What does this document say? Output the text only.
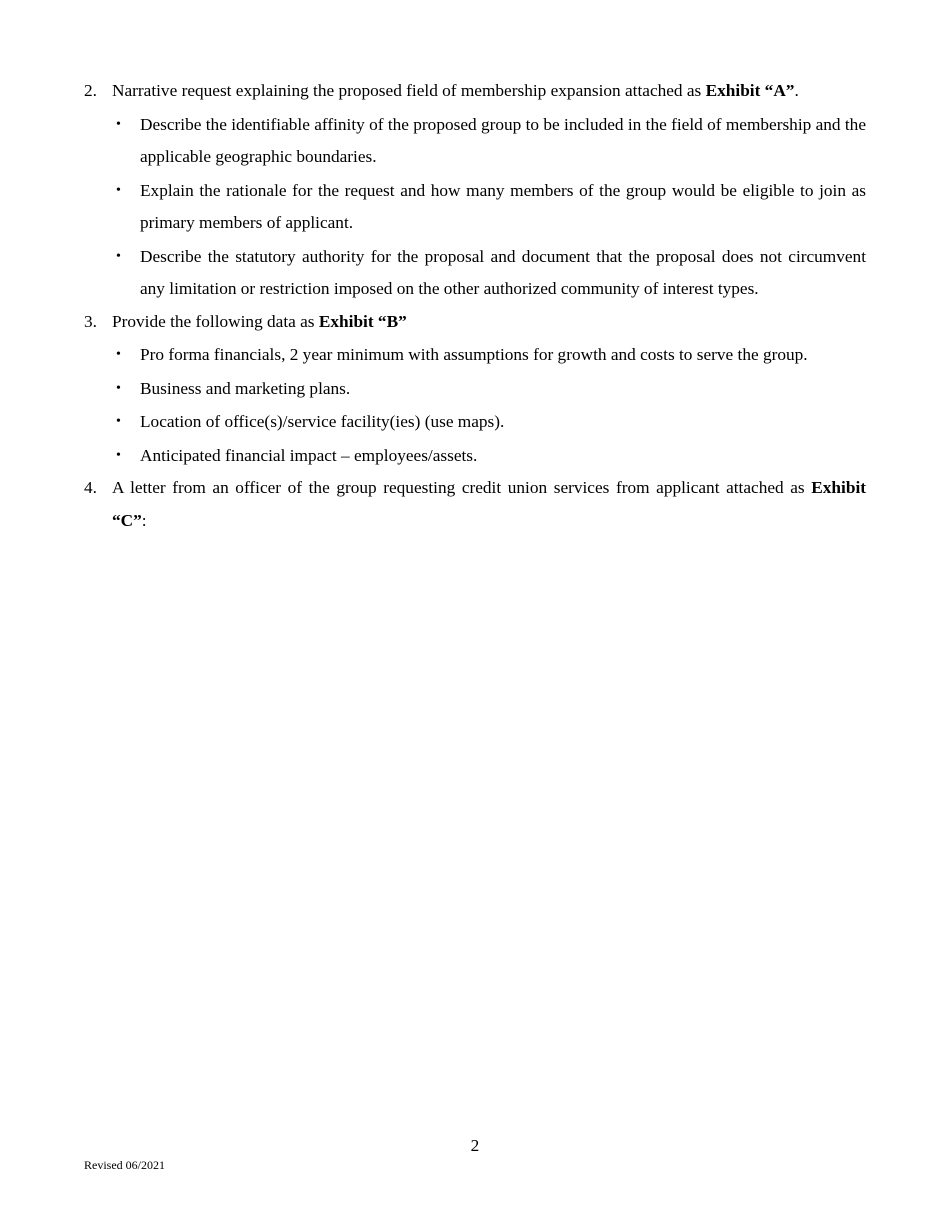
2. Narrative request explaining the proposed field of membership expansion attached as Exhibit “A”.
• Describe the identifiable affinity of the proposed group to be included in the field of membership and the applicable geographic boundaries.
• Explain the rationale for the request and how many members of the group would be eligible to join as primary members of applicant.
• Describe the statutory authority for the proposal and document that the proposal does not circumvent any limitation or restriction imposed on the other authorized community of interest types.
3. Provide the following data as Exhibit “B”
• Pro forma financials, 2 year minimum with assumptions for growth and costs to serve the group.
• Business and marketing plans.
• Location of office(s)/service facility(ies) (use maps).
• Anticipated financial impact – employees/assets.
4. A letter from an officer of the group requesting credit union services from applicant attached as Exhibit “C”:
2
Revised 06/2021
